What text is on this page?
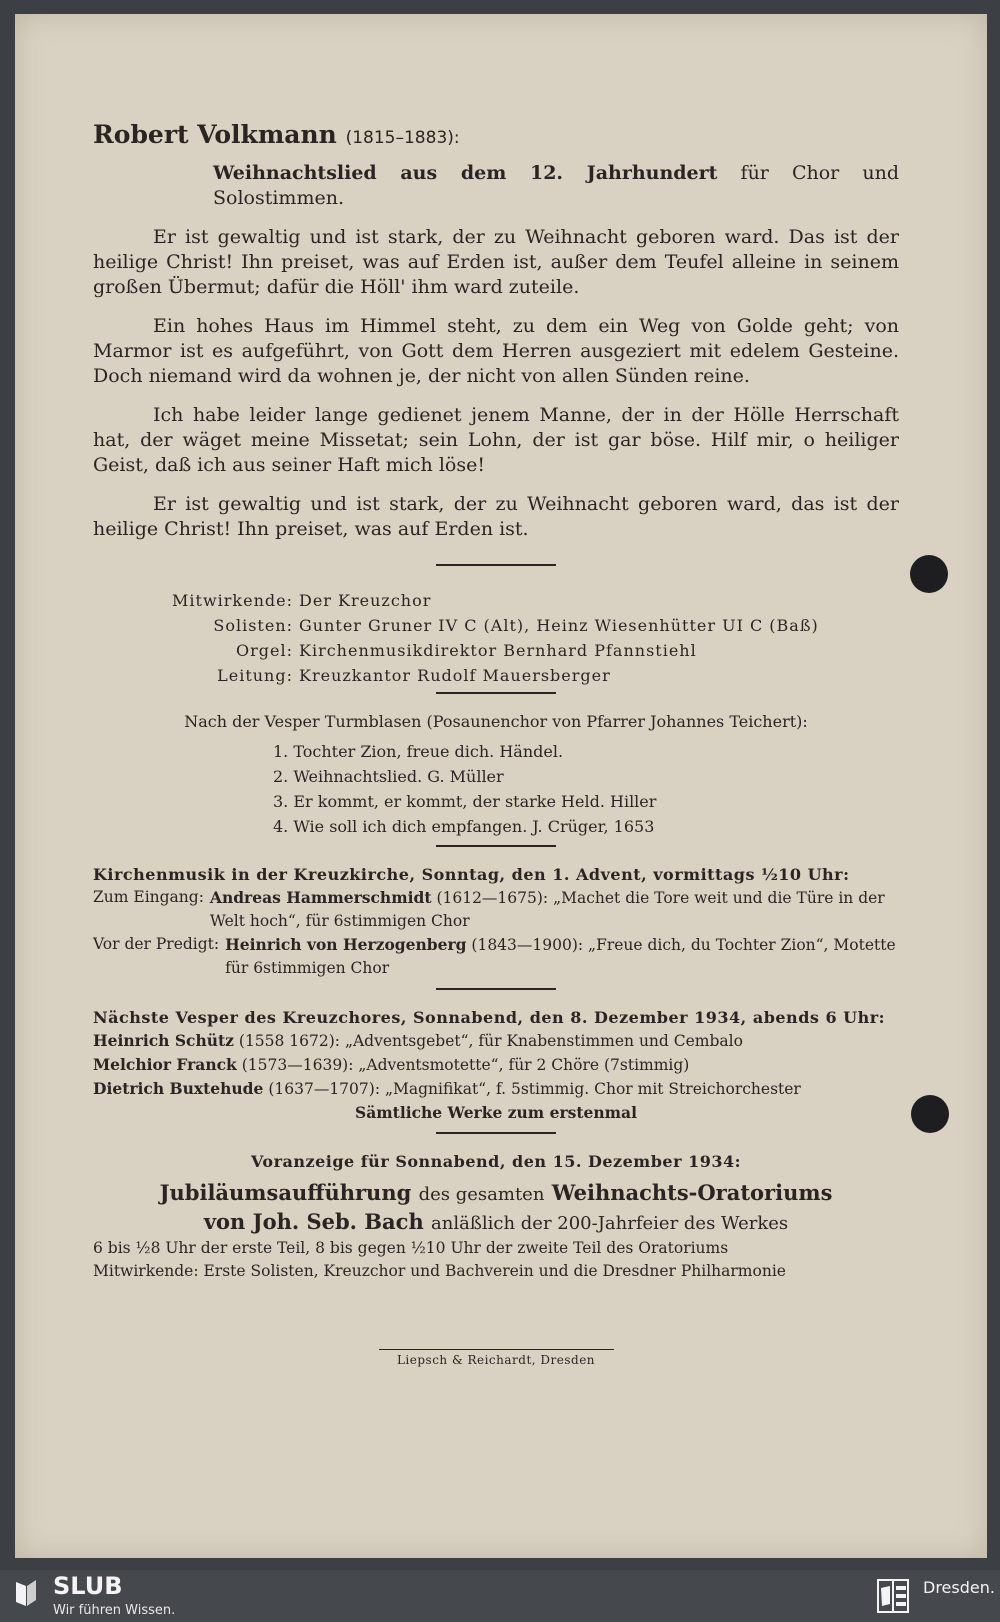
Robert Volkmann (1815–1883):
Weihnachtslied aus dem 12. Jahrhundert für Chor und Solostimmen.

Er ist gewaltig und ist stark, der zu Weihnacht geboren ward. Das ist der heilige Christ! Ihn preiset, was auf Erden ist, außer dem Teufel alleine in seinem großen Übermut; dafür die Höll' ihm ward zuteile.

Ein hohes Haus im Himmel steht, zu dem ein Weg von Golde geht; von Marmor ist es aufgeführt, von Gott dem Herren ausgeziert mit edelem Gesteine. Doch niemand wird da wohnen je, der nicht von allen Sünden reine.

Ich habe leider lange gedienet jenem Manne, der in der Hölle Herrschaft hat, der wäget meine Missetat; sein Lohn, der ist gar böse. Hilf mir, o heiliger Geist, daß ich aus seiner Haft mich löse!

Er ist gewaltig und ist stark, der zu Weihnacht geboren ward, das ist der heilige Christ! Ihn preiset, was auf Erden ist.

Mitwirkende: Der Kreuzchor
Solisten: Gunter Gruner IV C (Alt), Heinz Wiesenhütter UI C (Baß)
Orgel: Kirchenmusikdirektor Bernhard Pfannstiehl
Leitung: Kreuzkantor Rudolf Mauersberger
Nach der Vesper Turmblasen (Posaunenchor von Pfarrer Johannes Teichert):
1. Tochter Zion, freue dich. Händel.
2. Weihnachtslied. G. Müller
3. Er kommt, er kommt, der starke Held. Hiller
4. Wie soll ich dich empfangen. J. Crüger, 1653
Kirchenmusik in der Kreuzkirche, Sonntag, den 1. Advent, vormittags ½10 Uhr:
Zum Eingang: Andreas Hammerschmidt (1612—1675): „Machet die Tore weit und die Türe in der Welt hoch“, für 6stimmigen Chor
Vor der Predigt: Heinrich von Herzogenberg (1843—1900): „Freue dich, du Tochter Zion“, Motette für 6stimmigen Chor
Nächste Vesper des Kreuzchores, Sonnabend, den 8. Dezember 1934, abends 6 Uhr:
Heinrich Schütz (1558 1672): „Adventsgebet“, für Knabenstimmen und Cembalo
Melchior Franck (1573—1639): „Adventsmotette“, für 2 Chöre (7stimmig)
Dietrich Buxtehude (1637—1707): „Magnifikat“, f. 5stimmig. Chor mit Streichorchester
Sämtliche Werke zum erstenmal
Voranzeige für Sonnabend, den 15. Dezember 1934:
Jubiläumsaufführung des gesamten Weihnachts-Oratoriums
von Joh. Seb. Bach anläßlich der 200-Jahrfeier des Werkes
6 bis ½8 Uhr der erste Teil, 8 bis gegen ½10 Uhr der zweite Teil des Oratoriums
Mitwirkende: Erste Solisten, Kreuzchor und Bachverein und die Dresdner Philharmonie
Liepsch & Reichardt, Dresden
SLUB
Wir führen Wissen.
Dresden.
